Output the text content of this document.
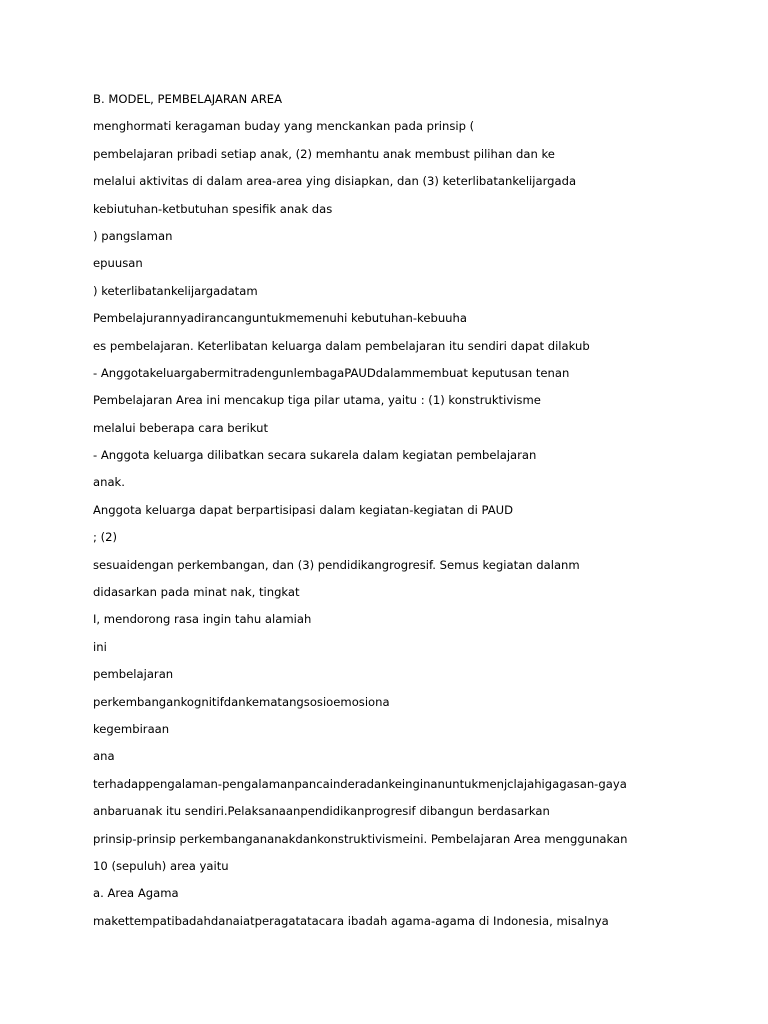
B. MODEL, PEMBELAJARAN AREA
menghormati keragaman buday yang menckankan pada prinsip (
pembelajaran pribadi setiap anak, (2) memhantu anak membust pilihan dan ke
melalui aktivitas di dalam area-area ying disiapkan, dan (3) keterlibatankelijargada
kebiutuhan-ketbutuhan spesifik anak das
) pangslaman
epuusan
) keterlibatankelijargadatam
Pembelajurannyadirancanguntukmemenuhi kebutuhan-kebuuha
es pembelajaran. Keterlibatan keluarga dalam pembelajaran itu sendiri dapat dilakub
- AnggotakeluargabermitradengunlembagaPAUDdalammembuat keputusan tenan
Pembelajaran Area ini mencakup tiga pilar utama, yaitu : (1) konstruktivisme
melalui beberapa cara berikut
- Anggota keluarga dilibatkan secara sukarela dalam kegiatan pembelajaran
anak.
Anggota keluarga dapat berpartisipasi dalam kegiatan-kegiatan di PAUD
; (2)
sesuaidengan perkembangan, dan (3) pendidikangrogresif. Semus kegiatan dalanm
didasarkan pada minat nak, tingkat
I, mendorong rasa ingin tahu alamiah
ini
pembelajaran
perkembangankognitifdankematangsosioemosiona
kegembiraan
ana
terhadappengalaman-pengalamanpancainderadankeinginanuntukmenjclajahigagasan-gaya
anbaruanak itu sendiri.Pelaksanaanpendidikanprogresif dibangun berdasarkan
prinsip-prinsip perkembangananakdankonstruktivismeini. Pembelajaran Area menggunakan
10 (sepuluh) area yaitu
a. Area Agama
makettempatibadahdanaiatperagatatacara ibadah agama-agama di Indonesia, misalnya
